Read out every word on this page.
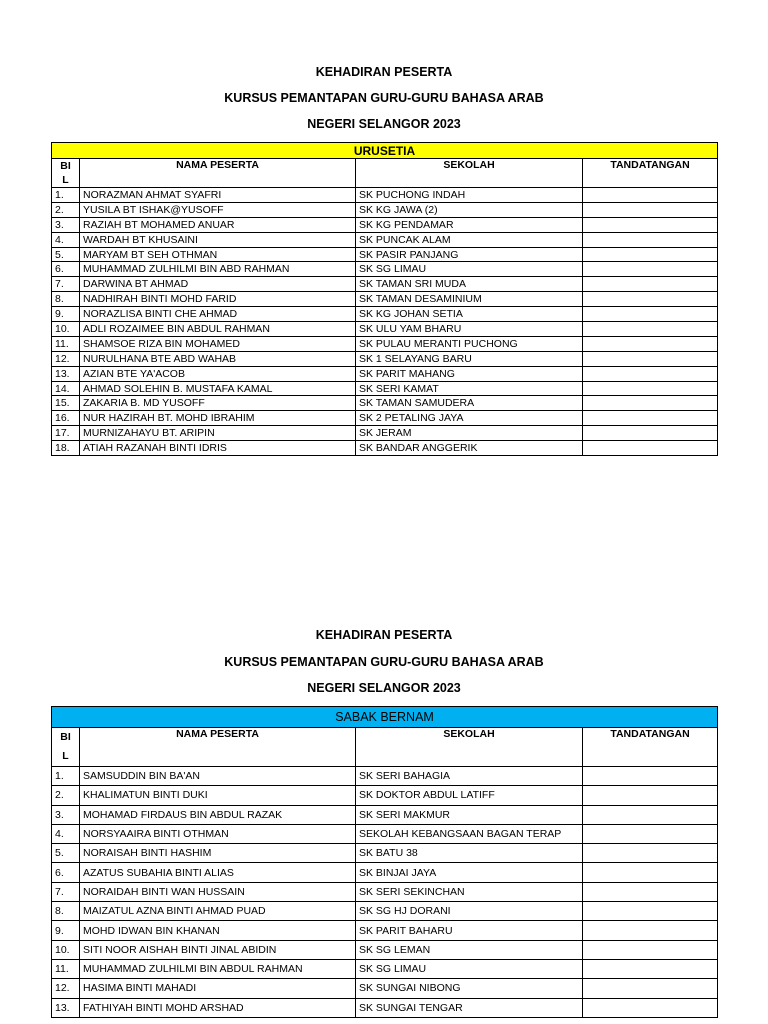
KEHADIRAN PESERTA
KURSUS PEMANTAPAN GURU-GURU BAHASA ARAB
NEGERI SELANGOR 2023
URUSETIA			
BI
L	NAMA PESERTA	SEKOLAH	TANDATANGAN
1.	NORAZMAN AHMAT SYAFRI	SK PUCHONG INDAH	
2.	YUSILA BT ISHAK@YUSOFF	SK KG JAWA (2)	
3.	RAZIAH BT MOHAMED ANUAR	SK KG PENDAMAR	
4.	WARDAH BT KHUSAINI	SK PUNCAK ALAM	
5.	MARYAM BT SEH OTHMAN	SK PASIR PANJANG	
6.	MUHAMMAD ZULHILMI BIN ABD RAHMAN	SK SG LIMAU	
7.	DARWINA BT AHMAD	SK TAMAN SRI MUDA	
8.	NADHIRAH BINTI MOHD FARID	SK TAMAN DESAMINIUM	
9.	NORAZLISA BINTI CHE AHMAD	SK KG JOHAN SETIA	
10.	ADLI ROZAIMEE BIN ABDUL RAHMAN	SK ULU YAM BHARU	
11.	SHAMSOE RIZA BIN MOHAMED	SK PULAU MERANTI PUCHONG	
12.	NURULHANA BTE ABD WAHAB	SK 1 SELAYANG BARU	
13.	AZIAN BTE YA'ACOB	SK PARIT MAHANG	
14.	AHMAD SOLEHIN B. MUSTAFA KAMAL	SK SERI KAMAT	
15.	ZAKARIA B. MD YUSOFF	SK TAMAN SAMUDERA	
16.	NUR HAZIRAH BT. MOHD IBRAHIM	SK 2 PETALING JAYA	
17.	MURNIZAHAYU BT. ARIPIN	SK JERAM	
18.	ATIAH RAZANAH BINTI IDRIS	SK BANDAR ANGGERIK	
KEHADIRAN PESERTA
KURSUS PEMANTAPAN GURU-GURU BAHASA ARAB
NEGERI SELANGOR 2023
SABAK BERNAM			
BI
L	NAMA PESERTA	SEKOLAH	TANDATANGAN
1.	SAMSUDDIN BIN BA'AN	SK SERI BAHAGIA	
2.	KHALIMATUN BINTI DUKI	SK DOKTOR ABDUL LATIFF	
3.	MOHAMAD FIRDAUS BIN ABDUL RAZAK	SK SERI MAKMUR	
4.	NORSYAAIRA BINTI OTHMAN	SEKOLAH KEBANGSAAN BAGAN TERAP	
5.	NORAISAH BINTI HASHIM	SK BATU 38	
6.	AZATUS SUBAHIA BINTI ALIAS	SK BINJAI JAYA	
7.	NORAIDAH BINTI WAN HUSSAIN	SK SERI SEKINCHAN	
8.	MAIZATUL AZNA BINTI AHMAD PUAD	SK SG HJ DORANI	
9.	MOHD IDWAN BIN KHANAN	SK PARIT BAHARU	
10.	SITI NOOR AISHAH BINTI JINAL ABIDIN	SK SG LEMAN	
11.	MUHAMMAD ZULHILMI BIN ABDUL RAHMAN	SK SG LIMAU	
12.	HASIMA BINTI MAHADI	SK SUNGAI NIBONG	
13.	FATHIYAH BINTI MOHD ARSHAD	SK SUNGAI TENGAR	
